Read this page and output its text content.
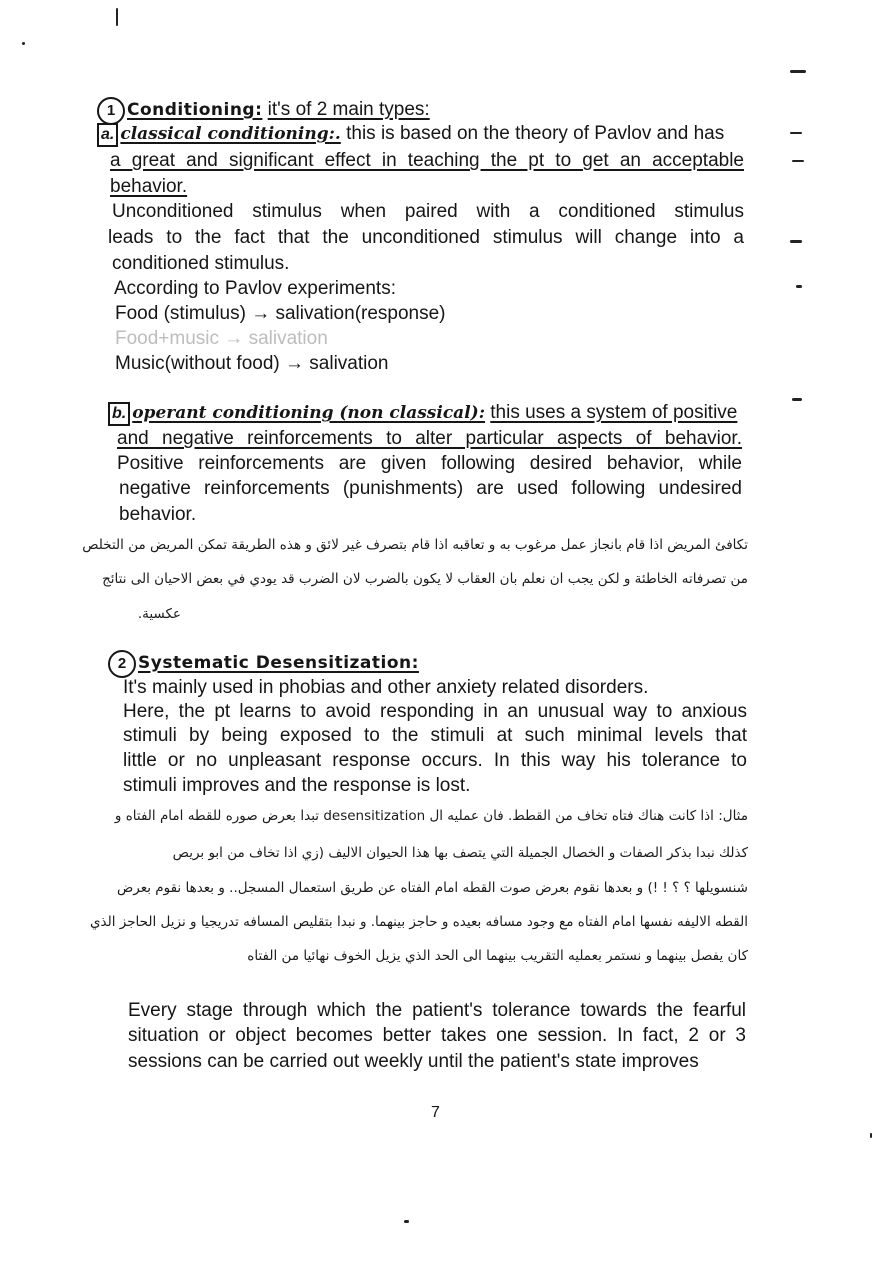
1 Conditioning: it's of 2 main types:
a. classical conditioning:. this is based on the theory of Pavlov and has
a great and significant effect in teaching the pt to get an acceptable
behavior.
Unconditioned stimulus when paired with a conditioned stimulus
leads to the fact that the unconditioned stimulus will change into a
conditioned stimulus.
According to Pavlov experiments:
Food (stimulus) → salivation(response)
Food+music → salivation
Music(without food) → salivation
b. operant conditioning (non classical): this uses a system of positive
and negative reinforcements to alter particular aspects of behavior.
Positive reinforcements are given following desired behavior, while
negative reinforcements (punishments) are used following undesired
behavior.
تكافئ المريض اذا قام بانجاز عمل مرغوب به و تعاقبه اذا قام بتصرف غير لائق و هذه الطريقة تمكن المريض من التخلص
من تصرفاته الخاطئة و لكن يجب ان نعلم بان العقاب لا يكون بالضرب لان الضرب قد يودي في بعض الاحيان الى نتائج
عكسية.
2 Systematic Desensitization:
It's mainly used in phobias and other anxiety related disorders.
Here, the pt learns to avoid responding in an unusual way to anxious
stimuli by being exposed to the stimuli at such minimal levels that
little or no unpleasant response occurs. In this way his tolerance to
stimuli improves and the response is lost.
مثال: اذا كانت هناك فتاه تخاف من القطط. فان عمليه ال desensitization تبدا بعرض صوره للقطه امام الفتاه و
كذلك نبدا بذكر الصفات و الخصال الجميلة التي يتصف بها هذا الحيوان الاليف (زي اذا تخاف من ابو بريص
شنسويلها ؟ ؟ ! !) و بعدها نقوم بعرض صوت القطه امام الفتاه عن طريق استعمال المسجل.. و بعدها نقوم بعرض
القطه الاليفه نفسها امام الفتاه مع وجود مسافه بعيده و حاجز بينهما. و نبدا بتقليص المسافه تدريجيا و نزيل الحاجز الذي
كان يفصل بينهما و نستمر بعمليه التقريب بينهما الى الحد الذي يزيل الخوف نهائيا من الفتاه
Every stage through which the patient's tolerance towards the fearful
situation or object becomes better takes one session. In fact, 2 or 3
sessions can be carried out weekly until the patient's state improves
7
